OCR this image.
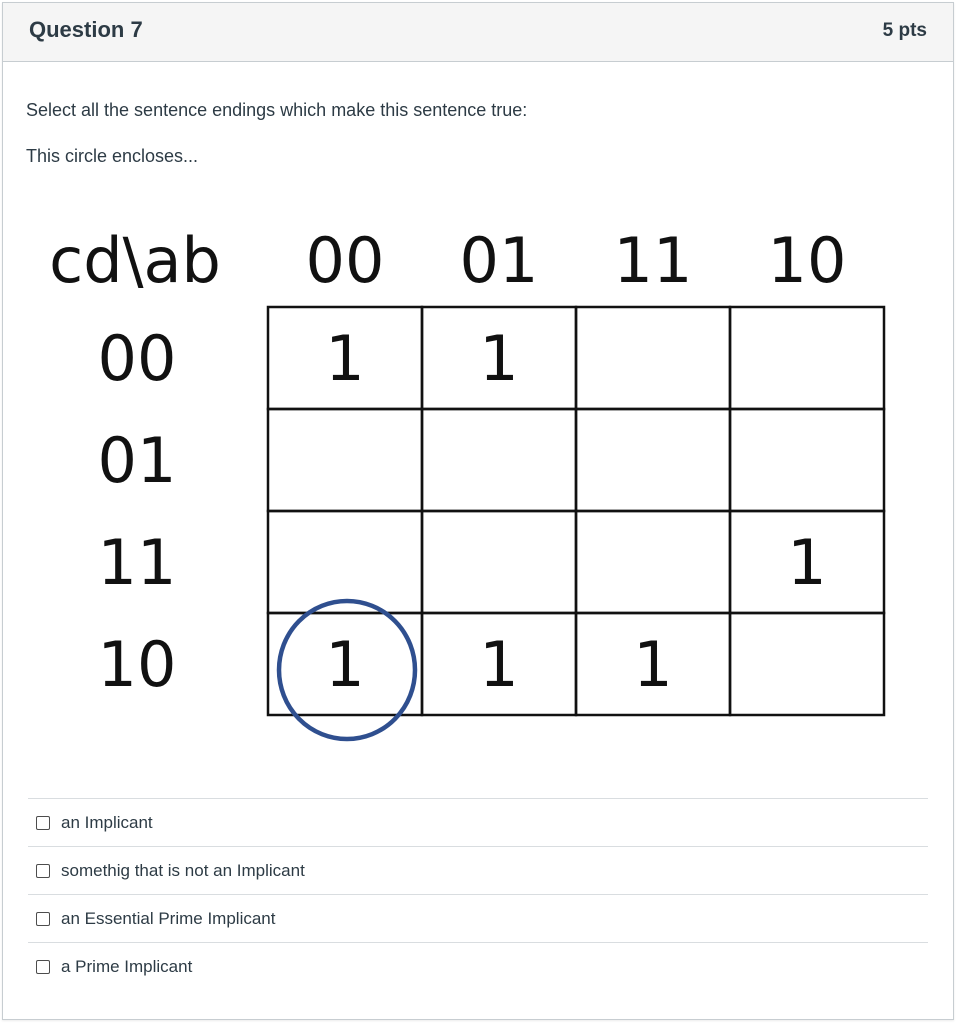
Question 7	5 pts
Select all the sentence endings which make this sentence true:
This circle encloses...
cd\ab 00 01 11 10
00
01
11
10
1 1
1
1 1 1
an Implicant
somethig that is not an Implicant
an Essential Prime Implicant
a Prime Implicant
